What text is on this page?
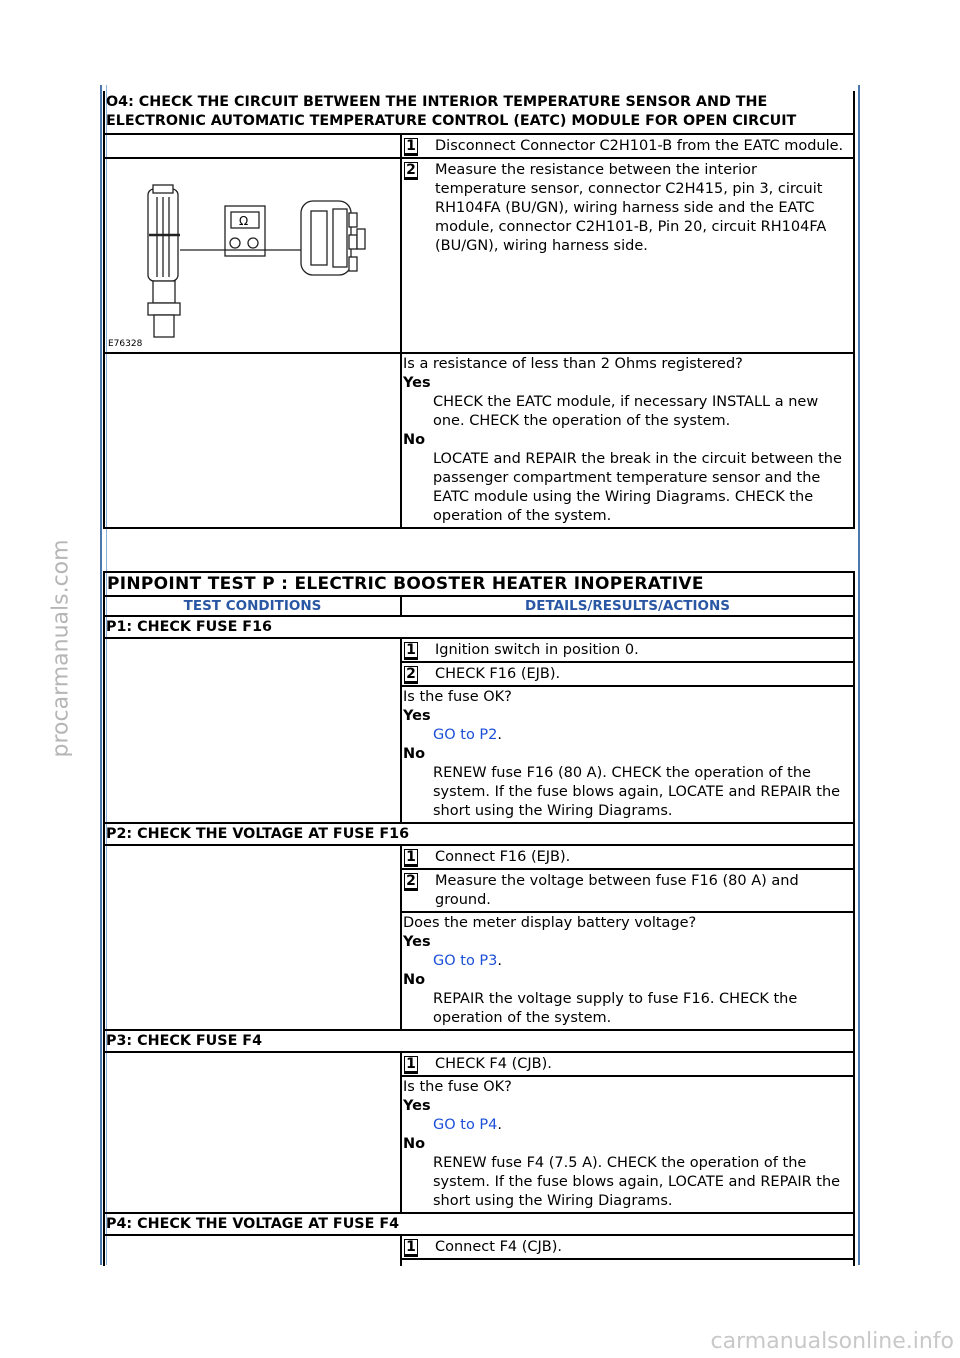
procarmanuals.com
carmanualsonline.info
O4: CHECK THE CIRCUIT BETWEEN THE INTERIOR TEMPERATURE SENSOR AND THE ELECTRONIC AUTOMATIC TEMPERATURE CONTROL (EATC) MODULE FOR OPEN CIRCUIT
1 Disconnect Connector C2H101-B from the EATC module.
Ω
E76328
2 Measure the resistance between the interior temperature sensor, connector C2H415, pin 3, circuit RH104FA (BU/GN), wiring harness side and the EATC module, connector C2H101-B, Pin 20, circuit RH104FA (BU/GN), wiring harness side.
Is a resistance of less than 2 Ohms registered?
Yes
CHECK the EATC module, if necessary INSTALL a new one. CHECK the operation of the system.
No
LOCATE and REPAIR the break in the circuit between the passenger compartment temperature sensor and the EATC module using the Wiring Diagrams. CHECK the operation of the system.
PINPOINT TEST P : ELECTRIC BOOSTER HEATER INOPERATIVE
TEST CONDITIONS	DETAILS/RESULTS/ACTIONS
P1: CHECK FUSE F16
1 Ignition switch in position 0.
2 CHECK F16 (EJB).
Is the fuse OK?
Yes
GO to P2.
No
RENEW fuse F16 (80 A). CHECK the operation of the system. If the fuse blows again, LOCATE and REPAIR the short using the Wiring Diagrams.
P2: CHECK THE VOLTAGE AT FUSE F16
1 Connect F16 (EJB).
2 Measure the voltage between fuse F16 (80 A) and ground.
Does the meter display battery voltage?
Yes
GO to P3.
No
REPAIR the voltage supply to fuse F16. CHECK the operation of the system.
P3: CHECK FUSE F4
1 CHECK F4 (CJB).
Is the fuse OK?
Yes
GO to P4.
No
RENEW fuse F4 (7.5 A). CHECK the operation of the system. If the fuse blows again, LOCATE and REPAIR the short using the Wiring Diagrams.
P4: CHECK THE VOLTAGE AT FUSE F4
1 Connect F4 (CJB).
